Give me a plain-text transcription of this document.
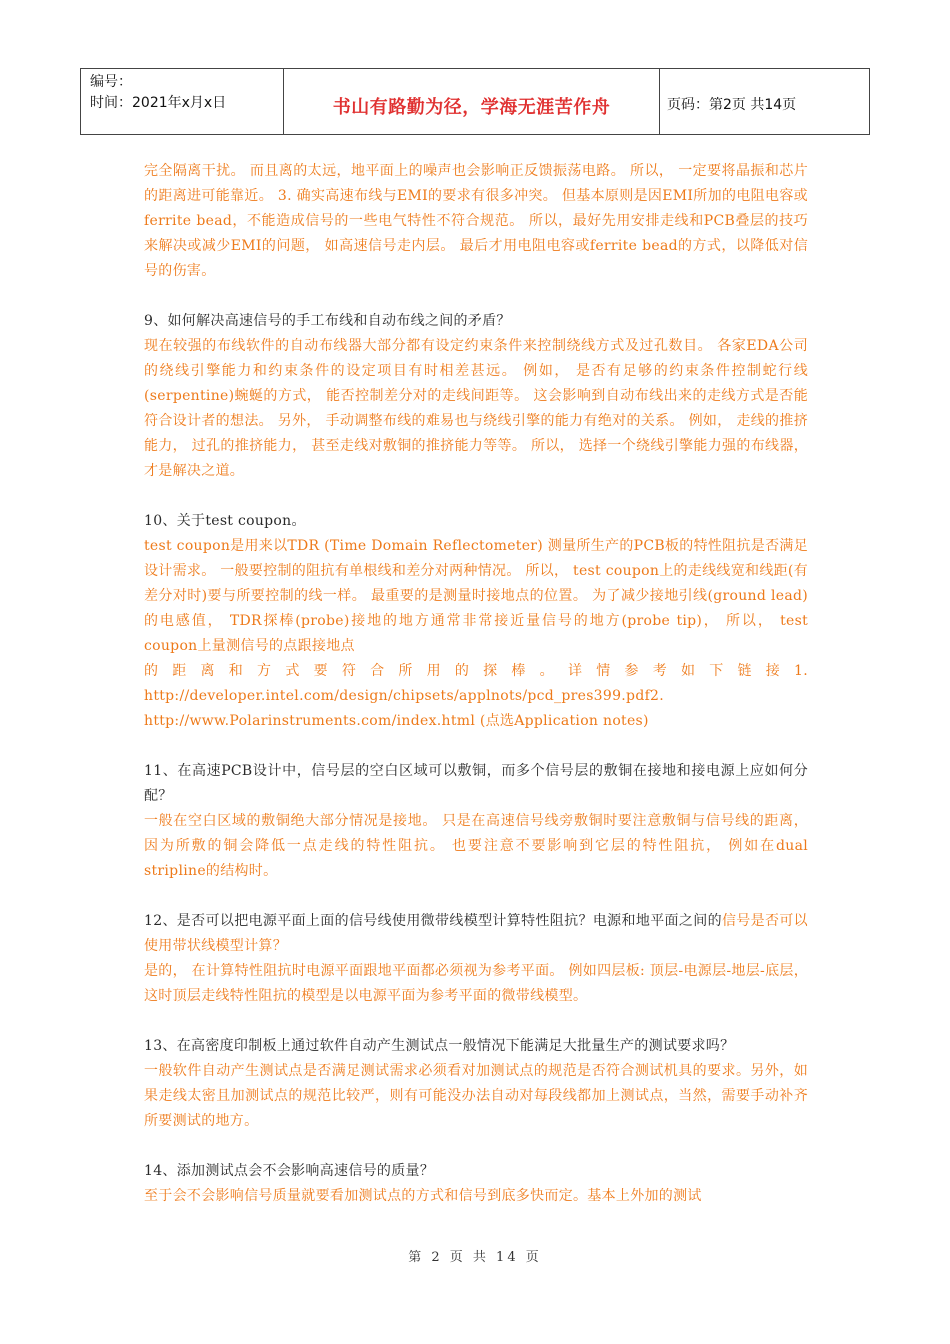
编号：
时间：2021年x月x日	书山有路勤为径，学海无涯苦作舟	页码：第2页 共14页

完全隔离干扰。 而且离的太远，地平面上的噪声也会影响正反馈振荡电路。 所以， 一定要将晶振和芯片的距离进可能靠近。 3. 确实高速布线与EMI的要求有很多冲突。 但基本原则是因EMI所加的电阻电容或ferrite bead，不能造成信号的一些电气特性不符合规范。 所以，最好先用安排走线和PCB叠层的技巧来解决或减少EMI的问题， 如高速信号走内层。 最后才用电阻电容或ferrite bead的方式，以降低对信号的伤害。

9、如何解决高速信号的手工布线和自动布线之间的矛盾？

现在较强的布线软件的自动布线器大部分都有设定约束条件来控制绕线方式及过孔数目。 各家EDA公司的绕线引擎能力和约束条件的设定项目有时相差甚远。 例如， 是否有足够的约束条件控制蛇行线(serpentine)蜿蜒的方式， 能否控制差分对的走线间距等。 这会影响到自动布线出来的走线方式是否能符合设计者的想法。 另外， 手动调整布线的难易也与绕线引擎的能力有绝对的关系。 例如， 走线的推挤能力， 过孔的推挤能力， 甚至走线对敷铜的推挤能力等等。 所以， 选择一个绕线引擎能力强的布线器， 才是解决之道。

10、关于test coupon。

test coupon是用来以TDR (Time Domain Reflectometer) 测量所生产的PCB板的特性阻抗是否满足设计需求。 一般要控制的阻抗有单根线和差分对两种情况。 所以， test coupon上的走线线宽和线距(有差分对时)要与所要控制的线一样。 最重要的是测量时接地点的位置。 为了减少接地引线(ground lead)的电感值， TDR探棒(probe)接地的地方通常非常接近量信号的地方(probe tip)， 所以， test coupon上量测信号的点跟接地点

的距离和方式要符合所用的探棒。详情参考如下链接1.

http://developer.intel.com/design/chipsets/applnots/pcd_pres399.pdf2.

http://www.Polarinstruments.com/index.html (点选Application notes)

11、在高速PCB设计中，信号层的空白区域可以敷铜，而多个信号层的敷铜在接地和接电源上应如何分配？

一般在空白区域的敷铜绝大部分情况是接地。 只是在高速信号线旁敷铜时要注意敷铜与信号线的距离， 因为所敷的铜会降低一点走线的特性阻抗。 也要注意不要影响到它层的特性阻抗， 例如在dual stripline的结构时。

12、是否可以把电源平面上面的信号线使用微带线模型计算特性阻抗？电源和地平面之间的信号是否可以使用带状线模型计算？

是的， 在计算特性阻抗时电源平面跟地平面都必须视为参考平面。 例如四层板: 顶层-电源层-地层-底层， 这时顶层走线特性阻抗的模型是以电源平面为参考平面的微带线模型。

13、在高密度印制板上通过软件自动产生测试点一般情况下能满足大批量生产的测试要求吗？

一般软件自动产生测试点是否满足测试需求必须看对加测试点的规范是否符合测试机具的要求。另外，如果走线太密且加测试点的规范比较严，则有可能没办法自动对每段线都加上测试点，当然，需要手动补齐所要测试的地方。

14、添加测试点会不会影响高速信号的质量？

至于会不会影响信号质量就要看加测试点的方式和信号到底多快而定。基本上外加的测试

第 2 页 共 14 页
